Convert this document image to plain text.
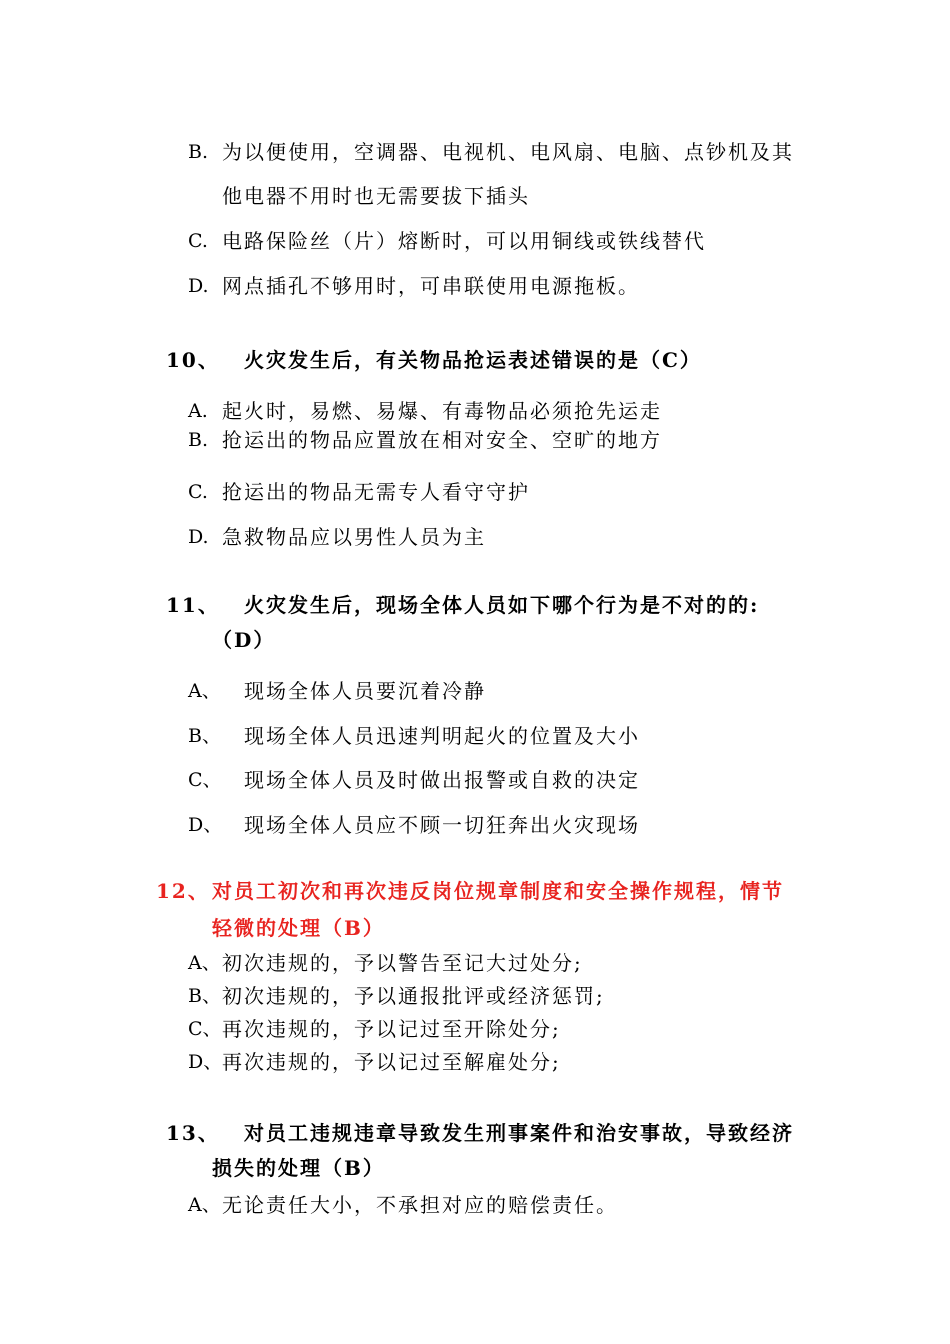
B. 为以便使用，空调器、电视机、电风扇、电脑、点钞机及其
他电器不用时也无需要拔下插头
C. 电路保险丝（片）熔断时，可以用铜线或铁线替代
D. 网点插孔不够用时，可串联使用电源拖板。
10、 火灾发生后，有关物品抢运表述错误的是（C）
A. 起火时，易燃、易爆、有毒物品必须抢先运走
B. 抢运出的物品应置放在相对安全、空旷的地方
C. 抢运出的物品无需专人看守守护
D. 急救物品应以男性人员为主
11、 火灾发生后，现场全体人员如下哪个行为是不对的的:
（D）
A、 现场全体人员要沉着冷静
B、 现场全体人员迅速判明起火的位置及大小
C、 现场全体人员及时做出报警或自救的决定
D、 现场全体人员应不顾一切狂奔出火灾现场
12、 对员工初次和再次违反岗位规章制度和安全操作规程，情节
轻微的处理（B）
A、 初次违规的，予以警告至记大过处分;
B、 初次违规的，予以通报批评或经济惩罚;
C、 再次违规的，予以记过至开除处分;
D、 再次违规的，予以记过至解雇处分;
13、 对员工违规违章导致发生刑事案件和治安事故，导致经济
损失的处理（B）
A、 无论责任大小，不承担对应的赔偿责任。
